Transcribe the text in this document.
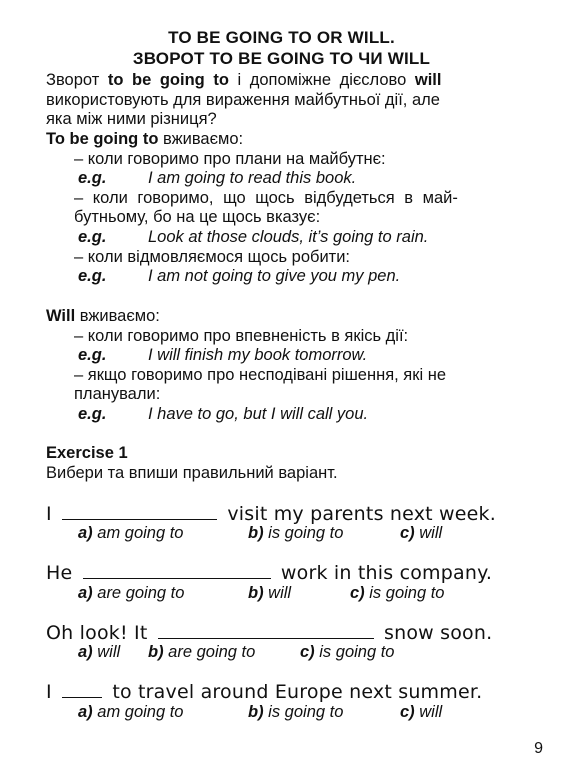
TO BE GOING TO OR WILL.
ЗВОРОТ TO BE GOING TO ЧИ WILL
Зворот to be going to і допоміжне дієслово will
використовують для вираження майбутньої дії, але
яка між ними різниця?
To be going to вживаємо:
– коли говоримо про плани на майбутнє:
e.g.	I am going to read this book.
– коли говоримо, що щось відбудеться в май-
бутньому, бо на це щось вказує:
e.g.	Look at those clouds, it’s going to rain.
– коли відмовляємося щось робити:
e.g.	I am not going to give you my pen.
Will вживаємо:
– коли говоримо про впевненість в якісь дії:
e.g.	I will finish my book tomorrow.
– якщо говоримо про несподівані рішення, які не
планували:
e.g.	I have to go, but I will call you.
Exercise 1
Вибери та впиши правильний варіант.
I	visit my parents next week.
a) am going to	b) is going to	c) will
He	work in this company.
a) are going to	b) will	c) is going to
Oh look! It	snow soon.
a) will b) are going to	c) is going to
I	to travel around Europe next summer.
a) am going to	b) is going to	c) will
9
